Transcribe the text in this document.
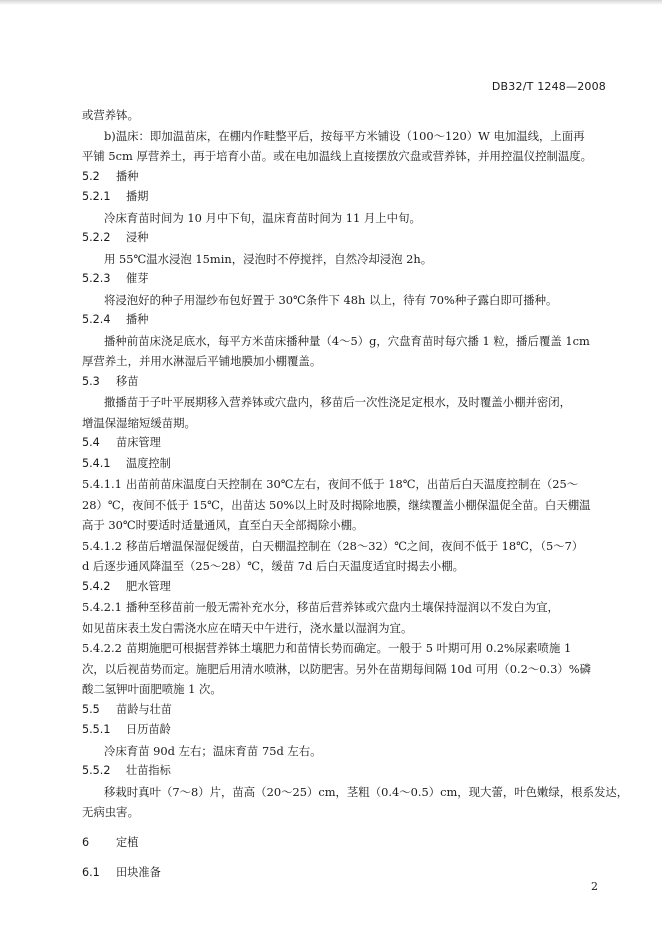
DB32/T 1248—2008
或营养钵。
b)温床：即加温苗床，在棚内作畦整平后，按每平方米铺设（100～120）W 电加温线，上面再
平铺 5cm 厚营养土，再于培育小苗。或在电加温线上直接摆放穴盘或营养钵，并用控温仪控制温度。
5.2 播种
5.2.1 播期
冷床育苗时间为 10 月中下旬，温床育苗时间为 11 月上中旬。
5.2.2 浸种
用 55℃温水浸泡 15min，浸泡时不停搅拌，自然冷却浸泡 2h。
5.2.3 催芽
将浸泡好的种子用湿纱布包好置于 30℃条件下 48h 以上，待有 70%种子露白即可播种。
5.2.4 播种
播种前苗床浇足底水，每平方米苗床播种量（4～5）g，穴盘育苗时每穴播 1 粒，播后覆盖 1cm
厚营养土，并用水淋湿后平铺地膜加小棚覆盖。
5.3 移苗
撒播苗于子叶平展期移入营养钵或穴盘内，移苗后一次性浇足定根水，及时覆盖小棚并密闭，
增温保湿缩短缓苗期。
5.4 苗床管理
5.4.1 温度控制
5.4.1.1 出苗前苗床温度白天控制在 30℃左右，夜间不低于 18℃，出苗后白天温度控制在（25～
28）℃，夜间不低于 15℃，出苗达 50%以上时及时揭除地膜，继续覆盖小棚保温促全苗。白天棚温
高于 30℃时要适时适量通风，直至白天全部揭除小棚。
5.4.1.2 移苗后增温保湿促缓苗，白天棚温控制在（28～32）℃之间，夜间不低于 18℃，（5～7）
d 后逐步通风降温至（25～28）℃，缓苗 7d 后白天温度适宜时揭去小棚。
5.4.2 肥水管理
5.4.2.1 播种至移苗前一般无需补充水分，移苗后营养钵或穴盘内土壤保持湿润以不发白为宜，
如见苗床表土发白需浇水应在晴天中午进行，浇水量以湿润为宜。
5.4.2.2 苗期施肥可根据营养钵土壤肥力和苗情长势而确定。一般于 5 叶期可用 0.2%尿素喷施 1
次，以后视苗势而定。施肥后用清水喷淋，以防肥害。另外在苗期每间隔 10d 可用（0.2～0.3）%磷
酸二氢钾叶面肥喷施 1 次。
5.5 苗龄与壮苗
5.5.1 日历苗龄
冷床育苗 90d 左右；温床育苗 75d 左右。
5.5.2 壮苗指标
移栽时真叶（7～8）片，苗高（20～25）cm，茎粗（0.4～0.5）cm，现大蕾，叶色嫩绿，根系发达，
无病虫害。
6 定植
6.1 田块准备
2
